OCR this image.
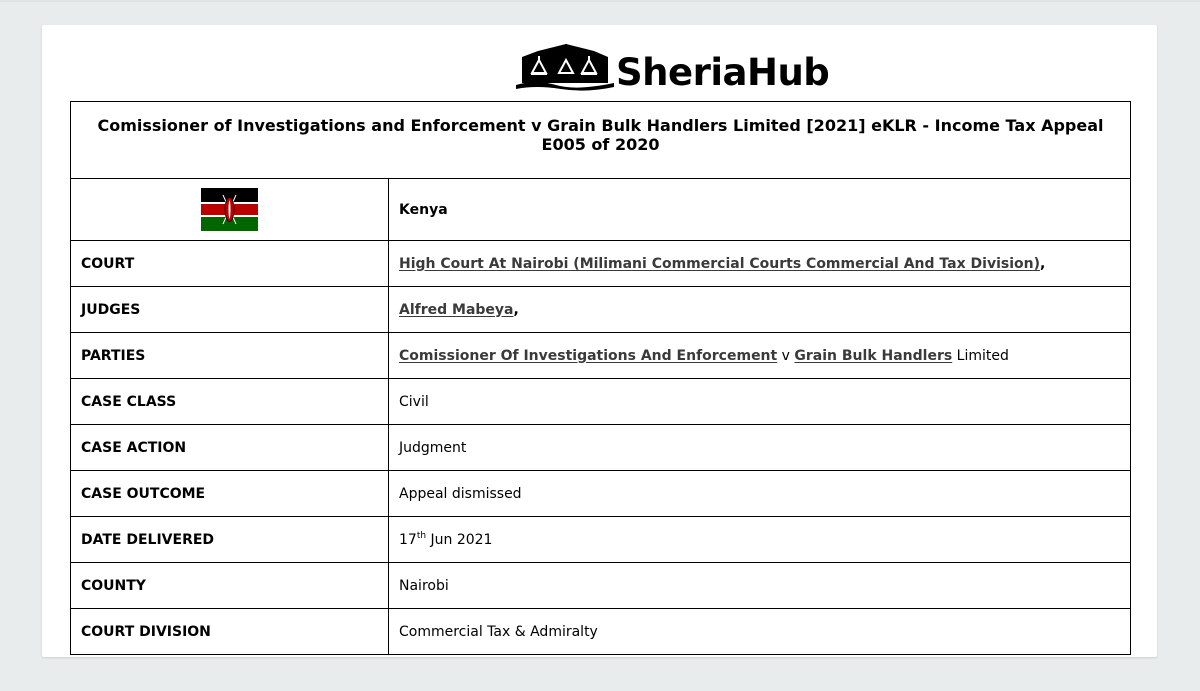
SheriaHub
Comissioner of Investigations and Enforcement v Grain Bulk Handlers Limited [2021] eKLR - Income Tax Appeal E005 of 2020	
	Kenya
COURT	High Court At Nairobi (Milimani Commercial Courts Commercial And Tax Division),
JUDGES	Alfred Mabeya,
PARTIES	Comissioner Of Investigations And Enforcement v Grain Bulk Handlers Limited
CASE CLASS	Civil
CASE ACTION	Judgment
CASE OUTCOME	Appeal dismissed
DATE DELIVERED	17th Jun 2021
COUNTY	Nairobi
COURT DIVISION	Commercial Tax & Admiralty
